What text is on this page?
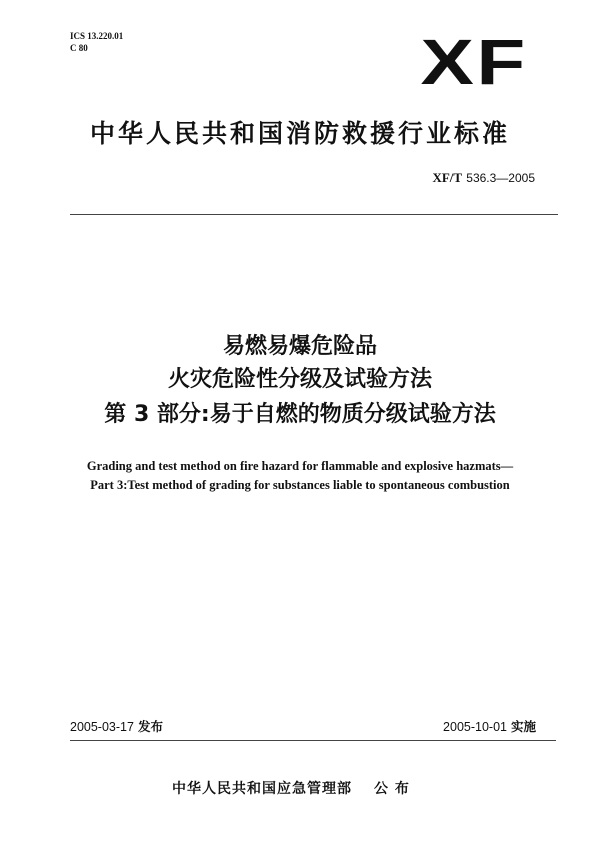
ICS 13.220.01
C 80	XF
中华人民共和国消防救援行业标准
XF/T 536.3—2005
易燃易爆危险品
火灾危险性分级及试验方法
第 3 部分:易于自燃的物质分级试验方法
Grading and test method on fire hazard for flammable and explosive hazmats—
Part 3:Test method of grading for substances liable to spontaneous combustion
2005-03-17 发布	2005-10-01 实施
中华人民共和国应急管理部 公 布
